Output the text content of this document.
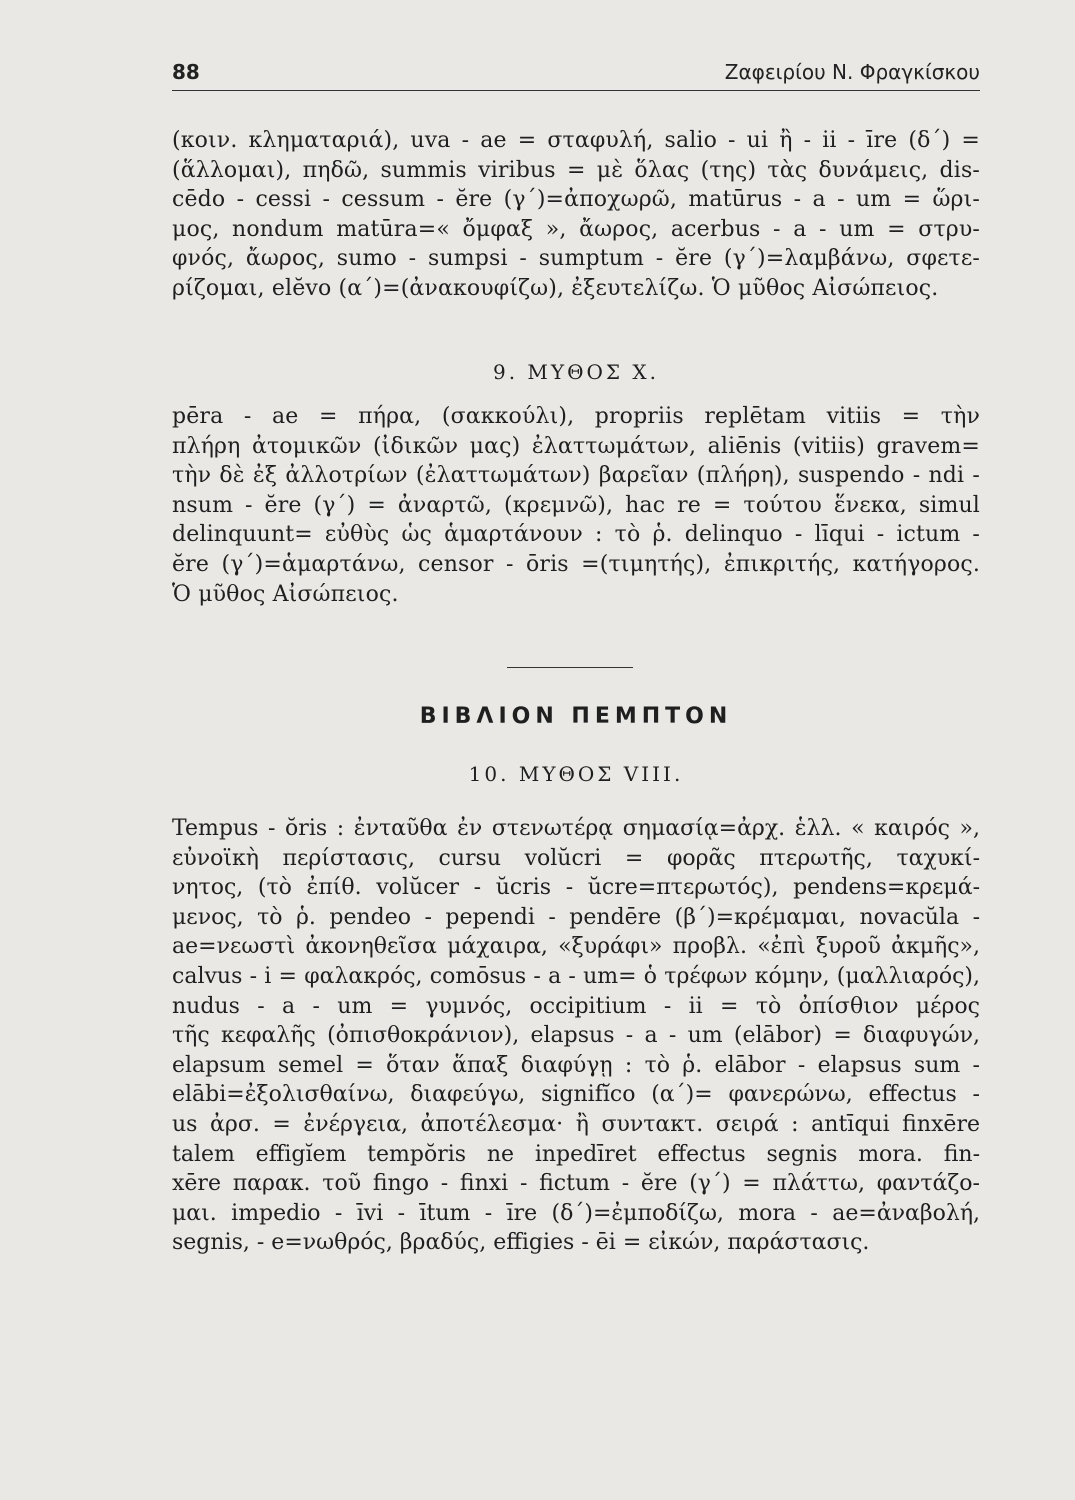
88	Ζαφειρίου Ν. Φραγκίσκου
(κοιν. κληματαριά), uva - ae = σταφυλή, salio - ui ἢ - ii - īre (δ΄) =
(ἅλλομαι), πηδῶ, summis viribus = μὲ ὅλας (της) τὰς δυνάμεις, dis-
cēdo - cessi - cessum - ĕre (γ΄)=ἀποχωρῶ, matūrus - a - um = ὥρι-
μος, nondum matūra=« ὄμφαξ », ἄωρος, acerbus - a - um = στρυ-
φνός, ἄωρος, sumo - sumpsi - sumptum - ĕre (γ΄)=λαμβάνω, σφετε-
ρίζομαι, elĕvo (α΄)=(ἀνακουφίζω), ἐξευτελίζω. Ὁ μῦθος Αἰσώπειος.
9. ΜΥΘΟΣ Χ.
pēra - ae = πήρα, (σακκούλι), propriis replētam vitiis = τὴν
πλήρη ἀτομικῶν (ἰδικῶν μας) ἐλαττωμάτων, aliēnis (vitiis) gravem=
τὴν δὲ ἐξ ἀλλοτρίων (ἐλαττωμάτων) βαρεῖαν (πλήρη), suspendo - ndi -
nsum - ĕre (γ΄) = ἀναρτῶ, (κρεμνῶ), hac re = τούτου ἕνεκα, simul
delinquunt= εὐθὺς ὡς ἁμαρτάνουν : τὸ ῥ. delinquo - līqui - ictum -
ĕre (γ΄)=ἁμαρτάνω, censor - ōris =(τιμητής), ἐπικριτής, κατήγορος.
Ὁ μῦθος Αἰσώπειος.
ΒΙΒΛΙΟΝ ΠΕΜΠΤΟΝ
10. ΜΥΘΟΣ VIII.
Tempus - ŏris : ἐνταῦθα ἐν στενωτέρᾳ σημασίᾳ=ἀρχ. ἑλλ. « καιρός », εὐνοϊκὴ περίστασις, cursu volŭcri = φορᾶς πτερωτῆς, ταχυκί-
νητος, (τὸ ἐπίθ. volŭcer - ŭcris - ŭcre=πτερωτός), pendens=κρεμά-
μενος, τὸ ῥ. pendeo - pependi - pendēre (β΄)=κρέμαμαι, novacŭla -
ae=νεωστὶ ἀκονηθεῖσα μάχαιρα, «ξυράφι» προβλ. «ἐπὶ ξυροῦ ἀκμῆς»,
calvus - i = φαλακρός, comōsus - a - um= ὁ τρέφων κόμην, (μαλλιαρός), nudus - a - um = γυμνός, occipitium - ii = τὸ ὀπίσθιον μέρος
τῆς κεφαλῆς (ὀπισθοκράνιον), elapsus - a - um (elābor) = διαφυγών,
elapsum semel = ὅταν ἅπαξ διαφύγῃ : τὸ ῥ. elābor - elapsus sum -
elābi=ἐξολισθαίνω, διαφεύγω, signifĭco (α΄)= φανερώνω, effectus -
us ἀρσ. = ἐνέργεια, ἀποτέλεσμα· ἢ συντακτ. σειρά : antīqui finxēre
talem effigĭem tempŏris ne inpedīret effectus segnis mora. fin-
xēre παρακ. τοῦ fingo - finxi - fictum - ĕre (γ΄) = πλάττω, φαντάζο-
μαι. impedio - īvi - ītum - īre (δ΄)=ἐμποδίζω, mora - ae=ἀναβολή,
segnis, - e=νωθρός, βραδύς, effigies - ēi = εἰκών, παράστασις.
